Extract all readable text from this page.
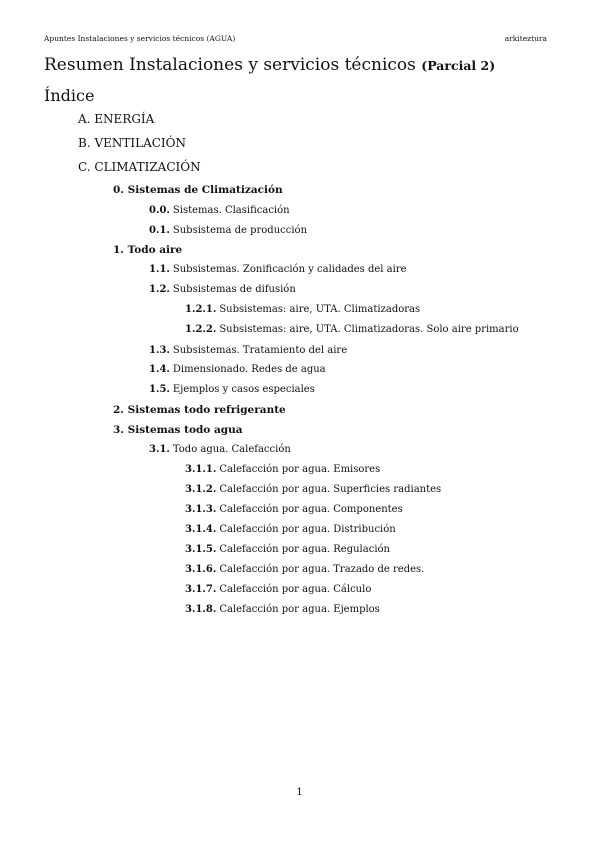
Apuntes Instalaciones y servicios técnicos (AGUA)	arkiteztura
Resumen Instalaciones y servicios técnicos (Parcial 2)
Índice
A. ENERGÍA
B. VENTILACIÓN
C. CLIMATIZACIÓN
0. Sistemas de Climatización
0.0. Sistemas. Clasificación
0.1. Subsistema de producción
1. Todo aire
1.1. Subsistemas. Zonificación y calidades del aire
1.2. Subsistemas de difusión
1.2.1. Subsistemas: aire, UTA. Climatizadoras
1.2.2. Subsistemas: aire, UTA. Climatizadoras. Solo aire primario
1.3. Subsistemas. Tratamiento del aire
1.4. Dimensionado. Redes de agua
1.5. Ejemplos y casos especiales
2. Sistemas todo refrigerante
3. Sistemas todo agua
3.1. Todo agua. Calefacción
3.1.1. Calefacción por agua. Emisores
3.1.2. Calefacción por agua. Superficies radiantes
3.1.3. Calefacción por agua. Componentes
3.1.4. Calefacción por agua. Distribución
3.1.5. Calefacción por agua. Regulación
3.1.6. Calefacción por agua. Trazado de redes.
3.1.7. Calefacción por agua. Cálculo
3.1.8. Calefacción por agua. Ejemplos
1
